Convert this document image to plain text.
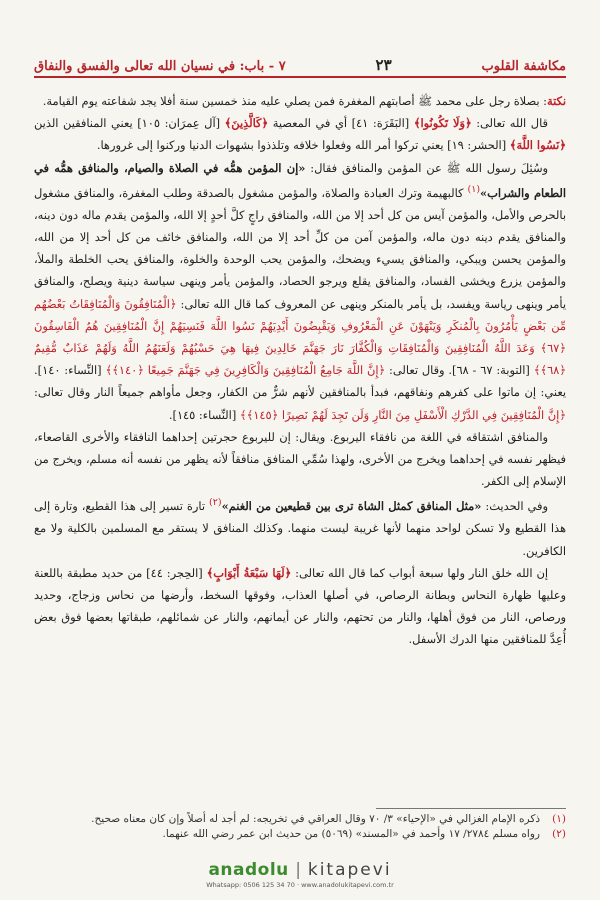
مكاشفة القلوب
٢٣
٧ - باب: في نسيان الله تعالى والفسق والنفاق

نكتة: بصلاة رجل على محمد ﷺ أصابتهم المغفرة فمن يصلي عليه منذ خمسين سنة أفلا يجد شفاعته يوم القيامة.

قال الله تعالى: ﴿وَلَا تَكُونُوا﴾ [البَقَرَة: ٤١] أي في المعصية ﴿كَالَّذِينَ﴾ [آل عِمرَان: ١٠٥] يعني المنافقين الذين ﴿نَسُوا اللَّهَ﴾ [الحشر: ١٩] يعني تركوا أمر الله وفعلوا خلافه وتلذذوا بشهوات الدنيا وركنوا إلى غرورها.

وسُئِلَ رسول الله ﷺ عن المؤمن والمنافق فقال: «إن المؤمن همُّه في الصلاة والصيام، والمنافق همُّه في الطعام والشراب»$^{(١)}$ كالبهيمة وترك العبادة والصلاة، والمؤمن مشغول بالصدقة وطلب المغفرة، والمنافق مشغول بالحرص والأمل، والمؤمن آيس من كل أحد إلا من الله، والمنافق راجٍ كلَّ أحدٍ إلا الله، والمؤمن يقدم ماله دون دينه، والمنافق يقدم دينه دون ماله، والمؤمن آمن من كلِّ أحد إلا من الله، والمنافق خائف من كل أحد إلا من الله، والمؤمن يحسن ويبكي، والمنافق يسيء ويضحك، والمؤمن يحب الوحدة والخلوة، والمنافق يحب الخلطة والملأ، والمؤمن يزرع ويخشى الفساد، والمنافق يقلع ويرجو الحصاد، والمؤمن يأمر وينهى سياسة دينية ويصلح، والمنافق يأمر وينهى رياسة ويفسد، بل يأمر بالمنكر وينهى عن المعروف كما قال الله تعالى: ﴿الْمُنَافِقُونَ وَالْمُنَافِقَاتُ بَعْضُهُم مِّن بَعْضٍ يَأْمُرُونَ بِالْمُنكَرِ وَيَنْهَوْنَ عَنِ الْمَعْرُوفِ وَيَقْبِضُونَ أَيْدِيَهُمْ نَسُوا اللَّهَ فَنَسِيَهُمْ إِنَّ الْمُنَافِقِينَ هُمُ الْفَاسِقُونَ ﴿٦٧﴾ وَعَدَ اللَّهُ الْمُنَافِقِينَ وَالْمُنَافِقَاتِ وَالْكُفَّارَ نَارَ جَهَنَّمَ خَالِدِينَ فِيهَا هِيَ حَسْبُهُمْ وَلَعَنَهُمُ اللَّهُ وَلَهُمْ عَذَابٌ مُّقِيمٌ ﴿٦٨﴾﴾ [التوبة: ٦٧ - ٦٨]. وقال تعالى: ﴿إِنَّ اللَّهَ جَامِعُ الْمُنَافِقِينَ وَالْكَافِرِينَ فِي جَهَنَّمَ جَمِيعًا ﴿١٤٠﴾﴾ [النِّساء: ١٤٠]. يعني: إن ماتوا على كفرهم ونفاقهم، فبدأ بالمنافقين لأنهم شرٌّ من الكفار، وجعل مأواهم جميعاً النار وقال تعالى: ﴿إِنَّ الْمُنَافِقِينَ فِي الدَّرْكِ الْأَسْفَلِ مِنَ النَّارِ وَلَن تَجِدَ لَهُمْ نَصِيرًا ﴿١٤٥﴾﴾ [النِّساء: ١٤٥].

والمنافق اشتقاقه في اللغة من نافقاء اليربوع. ويقال: إن لليربوع حجرتين إحداهما النافقاء والأخرى القاصعاء، فيظهر نفسه في إحداهما ويخرج من الأخرى، ولهذا سُمِّي المنافق منافقاً لأنه يظهر من نفسه أنه مسلم، ويخرج من الإسلام إلى الكفر.

وفي الحديث: «مثل المنافق كمثل الشاة ترى بين قطيعين من الغنم»$^{(٢)}$ تارة تسير إلى هذا القطيع، وتارة إلى هذا القطيع ولا تسكن لواحد منهما لأنها غريبة ليست منهما. وكذلك المنافق لا يستقر مع المسلمين بالكلية ولا مع الكافرين.

إن الله خلق النار ولها سبعة أبواب كما قال الله تعالى: ﴿لَهَا سَبْعَةُ أَبْوَابٍ﴾ [الحِجر: ٤٤] من حديد مطبقة باللعنة وعليها ظهارة النحاس وبطانة الرصاص، في أصلها العذاب، وفوقها السخط، وأرضها من نحاس وزجاج، وحديد ورصاص، النار من فوق أهلها، والنار من تحتهم، والنار عن أيمانهم، والنار عن شمائلهم، طبقاتها بعضها فوق بعض أُعِدَّ للمنافقين منها الدرك الأسفل.

(١)
ذكره الإمام الغزالي في «الإحياء» ٣/ ٧٠ وقال العراقي في تخريجه: لم أجد له أصلاً وإن كان معناه صحيح.
(٢)
رواه مسلم ٢٧٨٤/ ١٧ وأحمد في «المسند» (٥٠٦٩) من حديث ابن عمر رضي الله عنهما.
anadolu | kitapevi
Whatsapp: 0506 125 34 70 · www.anadolukitapevi.com.tr
